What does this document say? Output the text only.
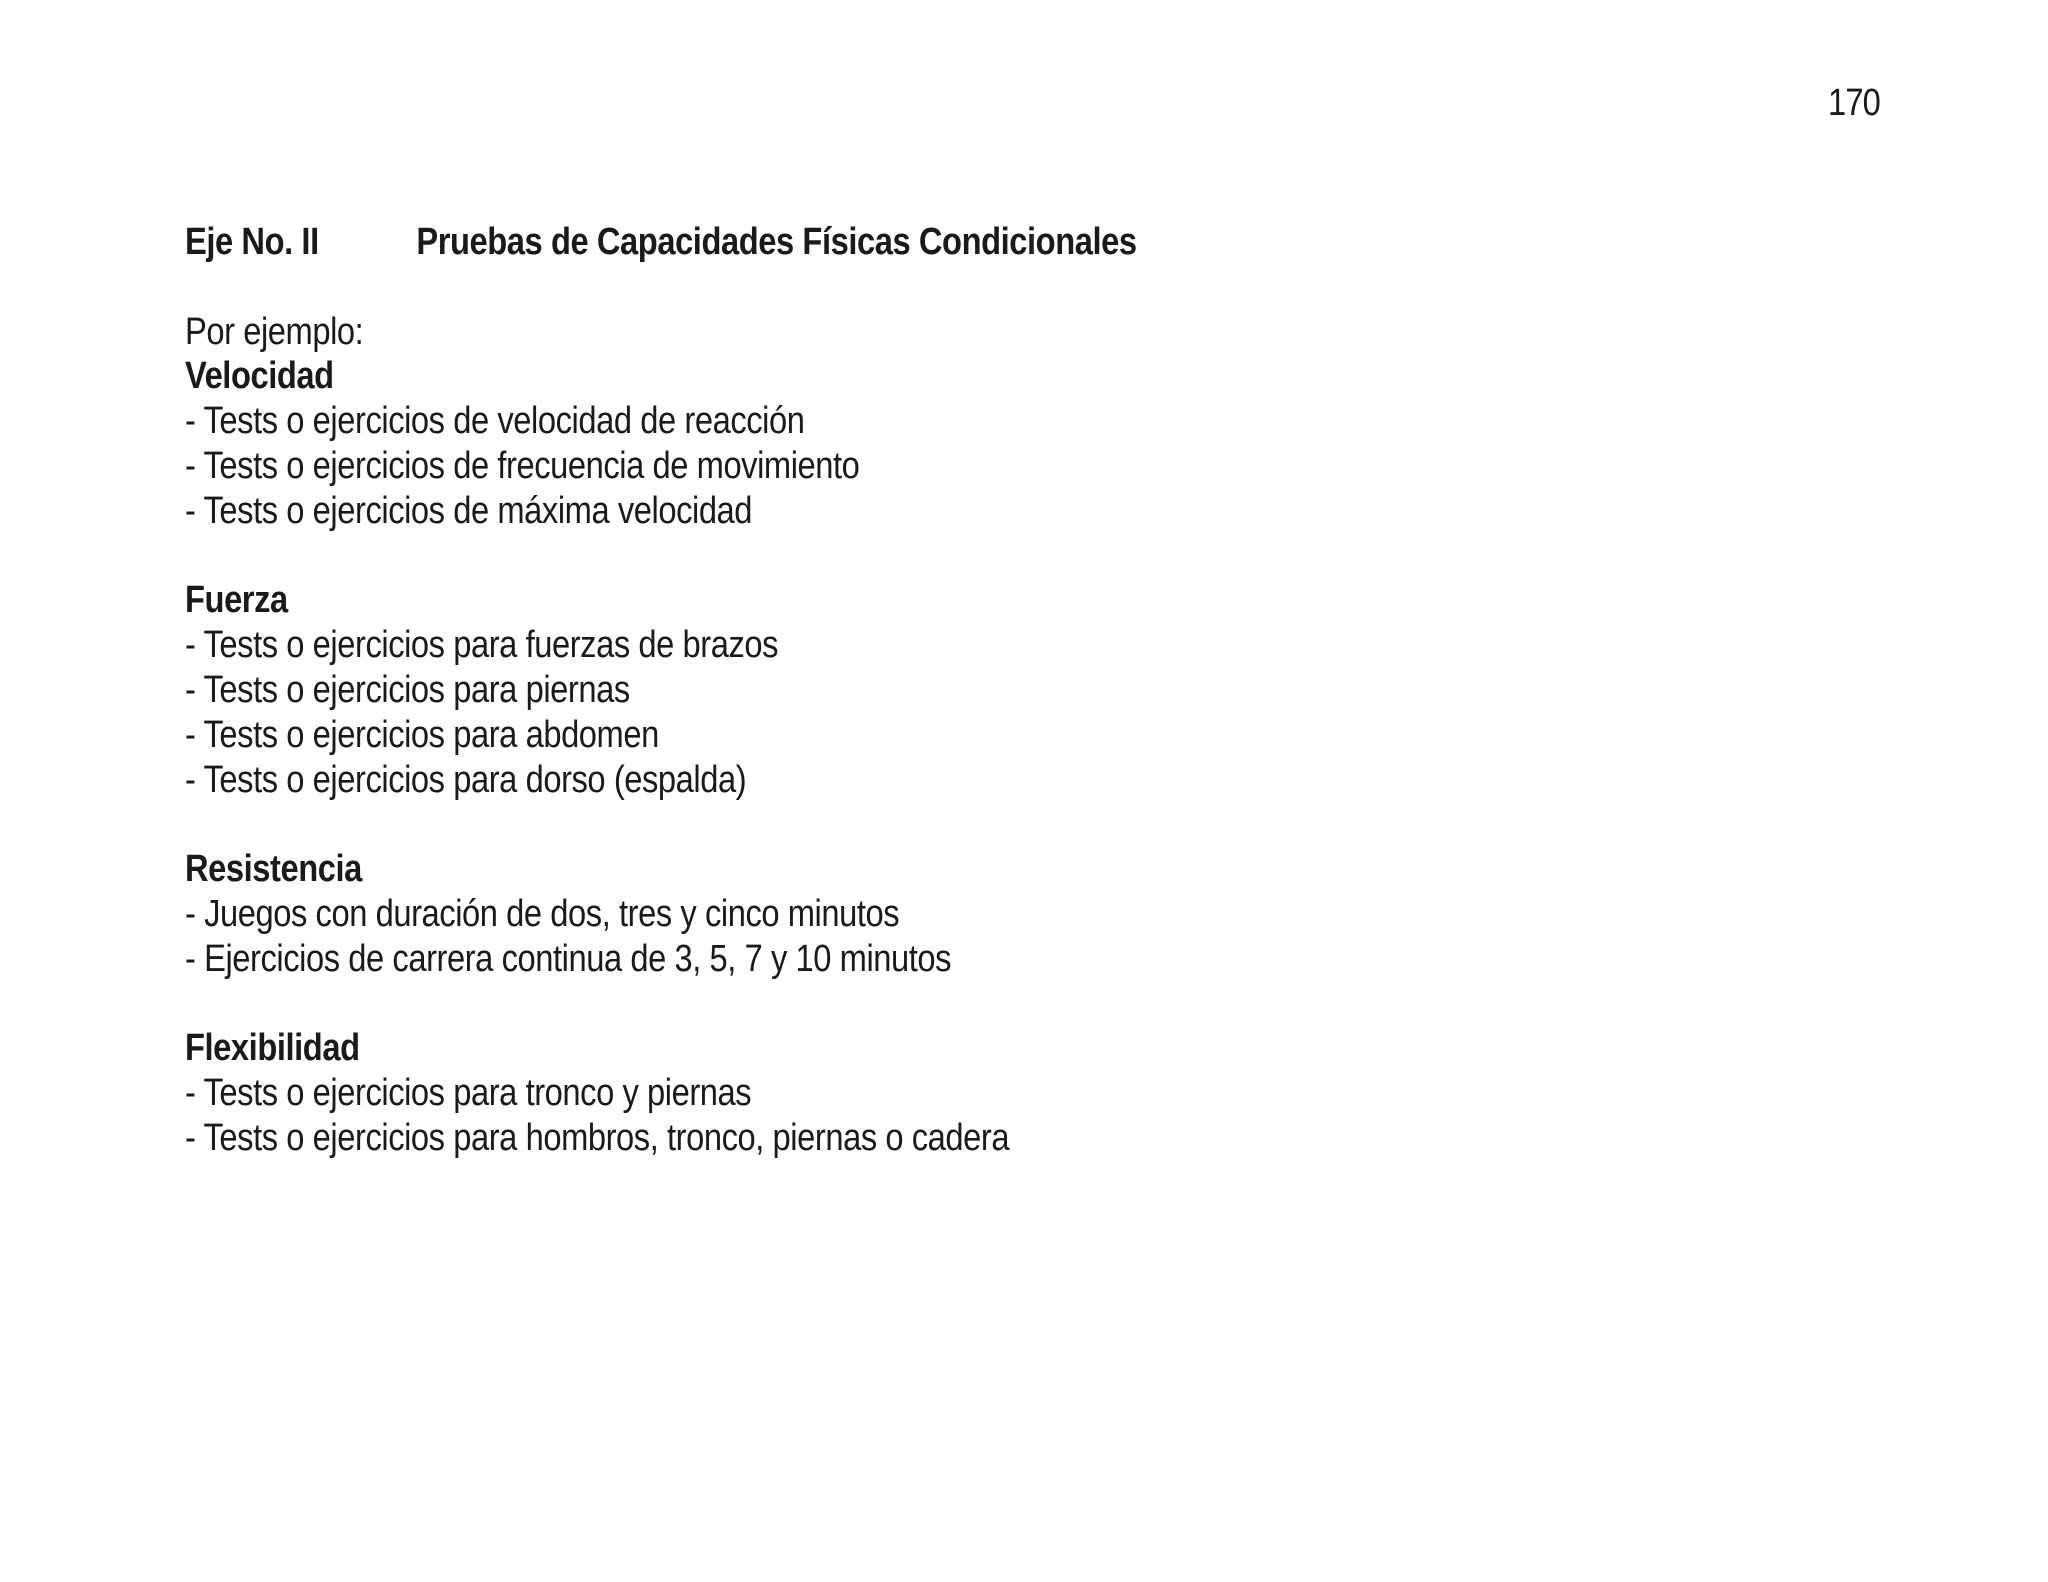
170
Eje No. II	Pruebas de Capacidades Físicas Condicionales
Por ejemplo:
Velocidad
- Tests o ejercicios de velocidad de reacción
- Tests o ejercicios de frecuencia de movimiento
- Tests o ejercicios de máxima velocidad
Fuerza
- Tests o ejercicios para fuerzas de brazos
- Tests o ejercicios para piernas
- Tests o ejercicios para abdomen
- Tests o ejercicios para dorso (espalda)
Resistencia
- Juegos con duración de dos, tres y cinco minutos
- Ejercicios de carrera continua de 3, 5, 7 y 10 minutos
Flexibilidad
- Tests o ejercicios para tronco y piernas
- Tests o ejercicios para hombros, tronco, piernas o cadera
